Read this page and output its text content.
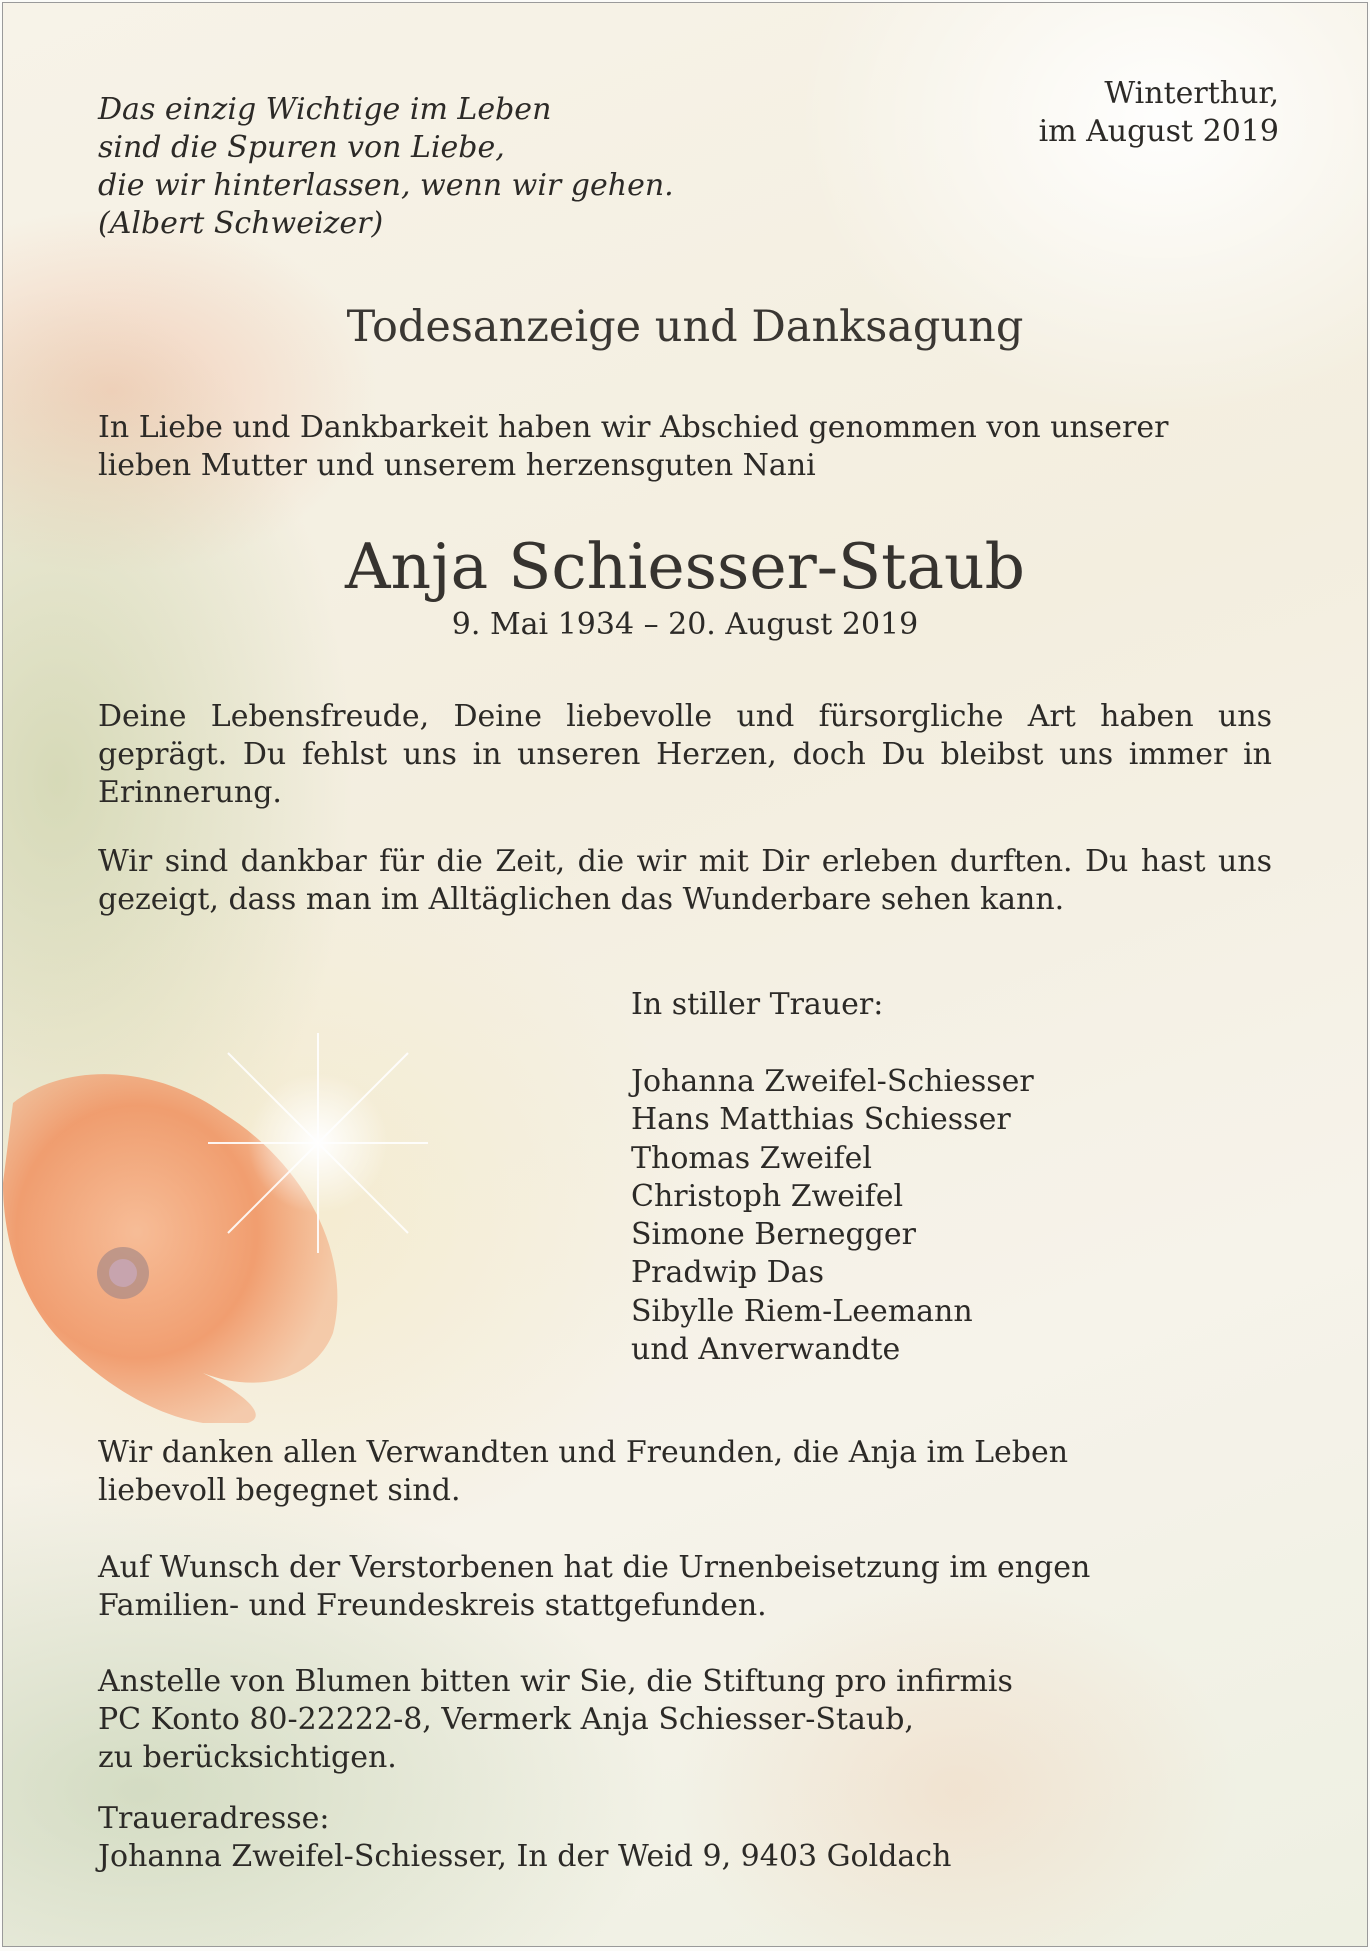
Das einzig Wichtige im Leben
sind die Spuren von Liebe,
die wir hinterlassen, wenn wir gehen.
(Albert Schweizer)
Winterthur,
im August 2019
Todesanzeige und Danksagung
In Liebe und Dankbarkeit haben wir Abschied genommen von unserer
lieben Mutter und unserem herzensguten Nani
Anja Schiesser-Staub
9. Mai 1934 – 20. August 2019
Deine Lebensfreude, Deine liebevolle und fürsorgliche Art haben uns geprägt. Du fehlst uns in unseren Herzen, doch Du bleibst uns immer in Erinnerung.
Wir sind dankbar für die Zeit, die wir mit Dir erleben durften. Du hast uns gezeigt, dass man im Alltäglichen das Wunderbare sehen kann.
In stiller Trauer:
Johanna Zweifel-Schiesser
Hans Matthias Schiesser
Thomas Zweifel
Christoph Zweifel
Simone Bernegger
Pradwip Das
Sibylle Riem-Leemann
und Anverwandte
Wir danken allen Verwandten und Freunden, die Anja im Leben
liebevoll begegnet sind.
Auf Wunsch der Verstorbenen hat die Urnenbeisetzung im engen
Familien- und Freundeskreis stattgefunden.
Anstelle von Blumen bitten wir Sie, die Stiftung pro infirmis
PC Konto 80-22222-8, Vermerk Anja Schiesser-Staub,
zu berücksichtigen.
Traueradresse:
Johanna Zweifel-Schiesser, In der Weid 9, 9403 Goldach
